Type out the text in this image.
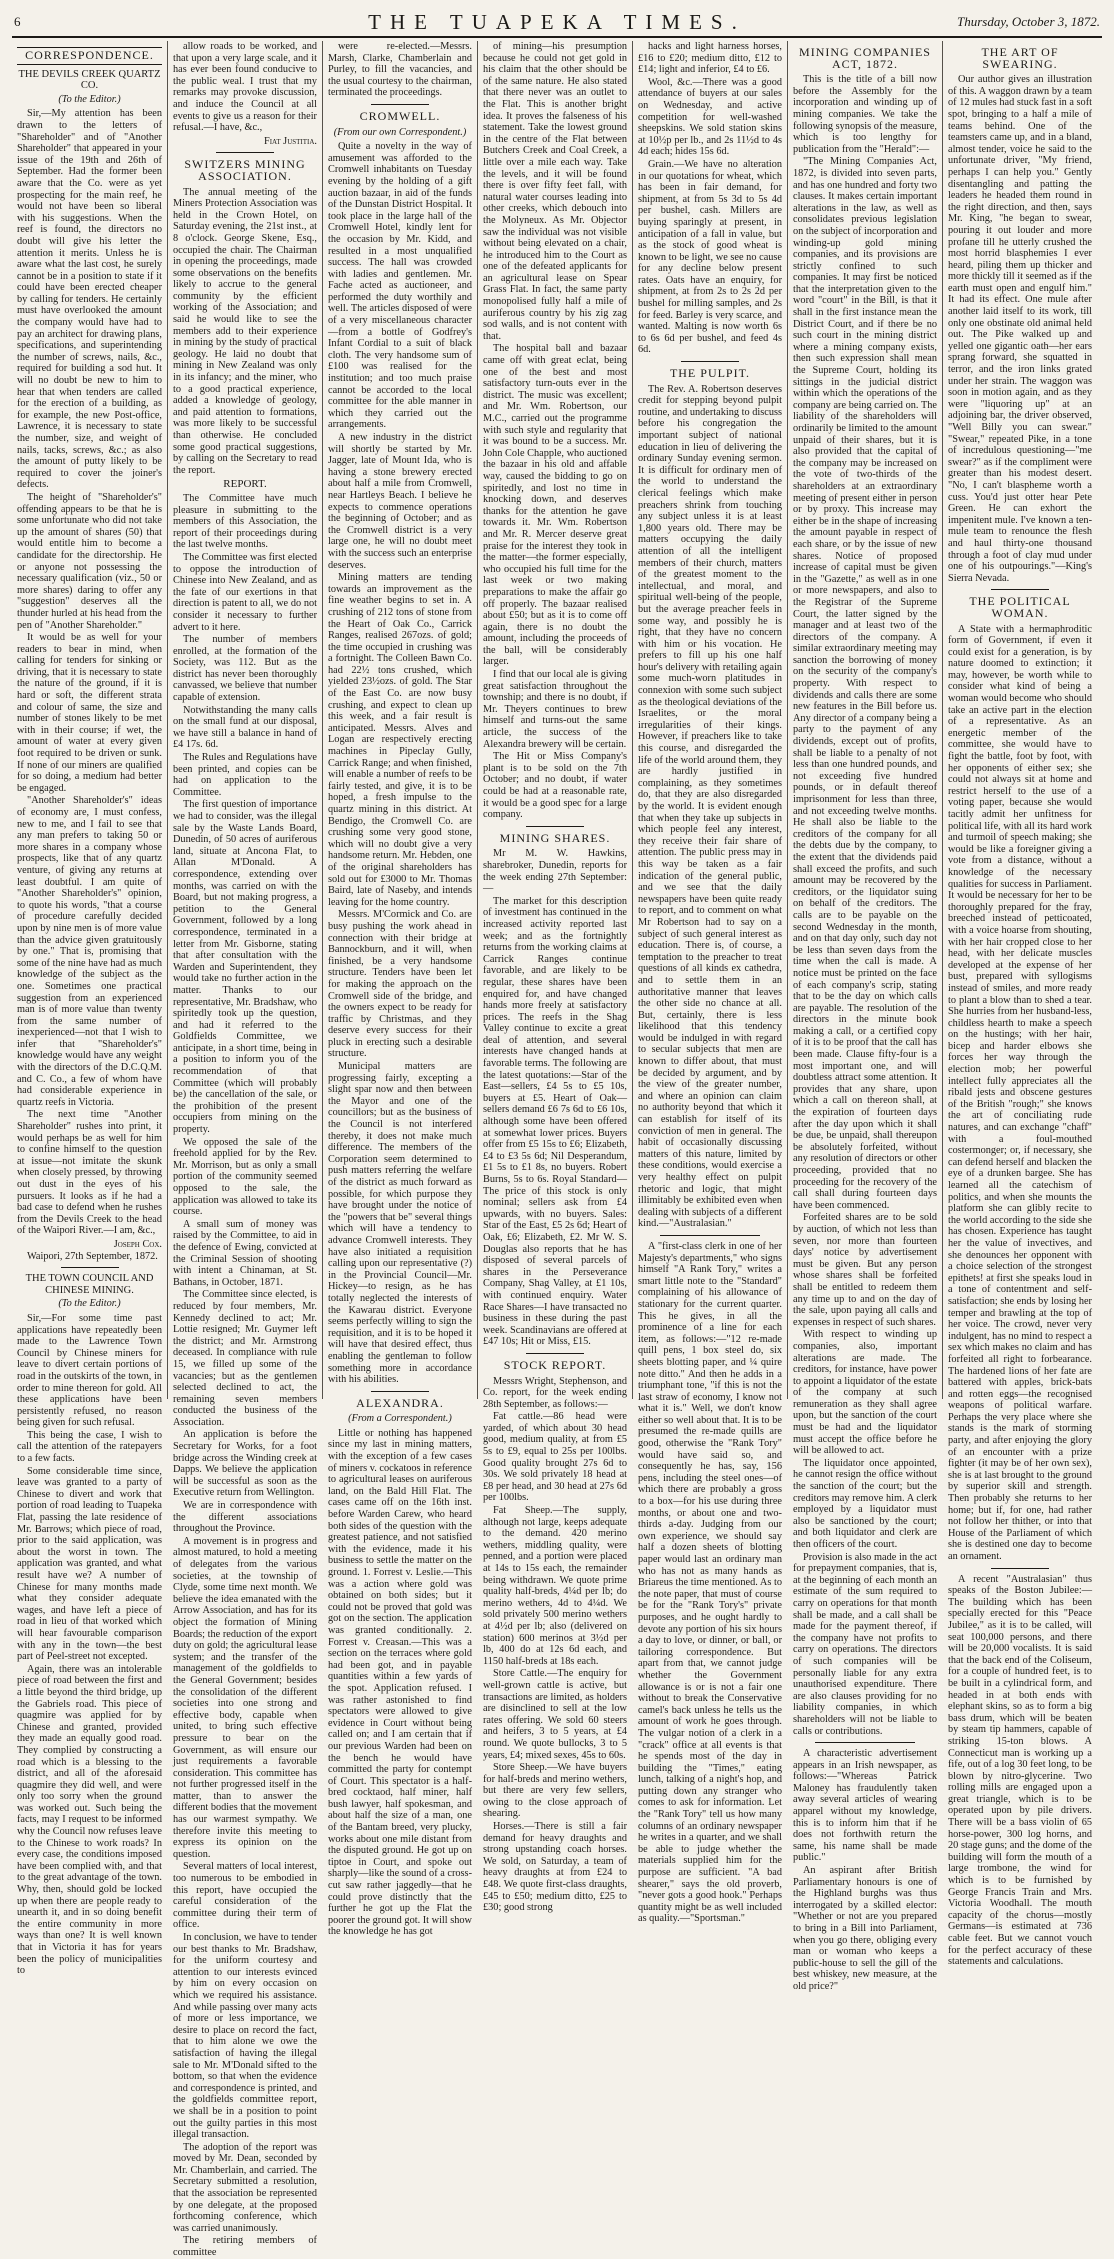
6	THE TUAPEKA TIMES.	Thursday, October 3, 1872.
CORRESPONDENCE.
THE DEVILS CREEK QUARTZ CO.
(To the Editor.)

Sir,—My attention has been drawn to the letters of "Shareholder" and of "Another Shareholder" that appeared in your issue of the 19th and 26th of September. Had the former been aware that the Co. were as yet prospecting for the main reef, he would not have been so liberal with his suggestions. When the reef is found, the directors no doubt will give his letter the attention it merits. Unless he is aware what the last cost, he surely cannot be in a position to state if it could have been erected cheaper by calling for tenders. He certainly must have overlooked the amount the company would have had to pay an architect for drawing plans, specifications, and superintending the number of screws, nails, &c., required for building a sod hut. It will no doubt be new to him to hear that when tenders are called for the erection of a building, as for example, the new Post-office, Lawrence, it is necessary to state the number, size, and weight of nails, tacks, screws, &c.; as also the amount of putty likely to be required to cover the joiner's defects.

The height of "Shareholder's" offending appears to be that he is some unfortunate who did not take up the amount of shares (50) that would entitle him to become a candidate for the directorship. He or anyone not possessing the necessary qualification (viz., 50 or more shares) daring to offer any "suggestion" deserves all the thunder hurled at his head from the pen of "Another Shareholder."

It would be as well for your readers to bear in mind, when calling for tenders for sinking or driving, that it is necessary to state the nature of the ground, if it is hard or soft, the different strata and colour of same, the size and number of stones likely to be met with in their course; if wet, the amount of water at every given foot required to be driven or sunk. If none of our miners are qualified for so doing, a medium had better be engaged.

"Another Shareholder's" ideas of economy are, I must confess, new to me, and I fail to see that any man prefers to taking 50 or more shares in a company whose prospects, like that of any quartz venture, of giving any returns at least doubtful. I am quite of "Another Shareholder's" opinion, to quote his words, "that a course of procedure carefully decided upon by nine men is of more value than the advice given gratuitously by one." That is, promising that some of the nine have had as much knowledge of the subject as the one. Sometimes one practical suggestion from an experienced man is of more value than twenty from the same number of inexperienced—not that I wish to infer that "Shareholder's" knowledge would have any weight with the directors of the D.C.Q.M. and C. Co., a few of whom have had considerable experience in quartz reefs in Victoria.

The next time "Another Shareholder" rushes into print, it would perhaps be as well for him to confine himself to the question at issue—not imitate the skunk when closely pressed, by throwing out dust in the eyes of his pursuers. It looks as if he had a bad case to defend when he rushes from the Devils Creek to the head of the Waipori River.—I am, &c.,

Joseph Cox.

Waipori, 27th September, 1872.

THE TOWN COUNCIL AND CHINESE MINING.
(To the Editor.)

Sir,—For some time past applications have repeatedly been made to the Lawrence Town Council by Chinese miners for leave to divert certain portions of road in the outskirts of the town, in order to mine thereon for gold. All these applications have been persistently refused, no reason being given for such refusal.

This being the case, I wish to call the attention of the ratepayers to a few facts.

Some considerable time since, leave was granted to a party of Chinese to divert and work that portion of road leading to Tuapeka Flat, passing the late residence of Mr. Barrows; which piece of road, prior to the said application, was about the worst in town. The application was granted, and what result have we? A number of Chinese for many months made what they consider adequate wages, and have left a piece of road in lieu of that worked which will hear favourable comparison with any in the town—the best part of Peel-street not excepted.

Again, there was an intolerable piece of road between the first and a little beyond the third bridge, up the Gabriels road. This piece of quagmire was applied for by Chinese and granted, provided they made an equally good road. They complied by constructing a road which is a blessing to the district, and all of the aforesaid quagmire they did well, and were only too sorry when the ground was worked out. Such being the facts, may I request to be informed why the Council now refuses leave to the Chinese to work roads? In every case, the conditions imposed have been complied with, and that to the great advantage of the town. Why, then, should gold be locked up when there are people ready to unearth it, and in so doing benefit the entire community in more ways than one? It is well known that in Victoria it has for years been the policy of municipalities to

allow roads to be worked, and that upon a very large scale, and it has ever been found conducive to the public weal. I trust that my remarks may provoke discussion, and induce the Council at all events to give us a reason for their refusal.—I have, &c.,

Fiat Justitia.
SWITZERS MINING ASSOCIATION.

The annual meeting of the Miners Protection Association was held in the Crown Hotel, on Saturday evening, the 21st inst., at 8 o'clock. George Skene, Esq., occupied the chair. The Chairman in opening the proceedings, made some observations on the benefits likely to accrue to the general community by the efficient working of the Association; and said he would like to see the members add to their experience in mining by the study of practical geology. He laid no doubt that mining in New Zealand was only in its infancy; and the miner, who to a good practical experience, added a knowledge of geology, and paid attention to formations, was more likely to be successful than otherwise. He concluded some good practical suggestions, by calling on the Secretary to read the report.

REPORT.

The Committee have much pleasure in submitting to the members of this Association, the report of their proceedings during the last twelve months.

The Committee was first elected to oppose the introduction of Chinese into New Zealand, and as the fate of our exertions in that direction is patent to all, we do not consider it necessary to further advert to it here.

The number of members enrolled, at the formation of the Society, was 112. But as the district has never been thoroughly canvassed, we believe that number capable of extension.

Notwithstanding the many calls on the small fund at our disposal, we have still a balance in hand of £4 17s. 6d.

The Rules and Regulations have been printed, and copies can be had on application to the Committee.

The first question of importance we had to consider, was the illegal sale by the Waste Lands Board, Dunedin, of 50 acres of auriferous land, situate at Ancona Flat, to Allan M'Donald. A correspondence, extending over months, was carried on with the Board, but not making progress, a petition to the General Government, followed by a long correspondence, terminated in a letter from Mr. Gisborne, stating that after consultation with the Warden and Superintendent, they would take no further action in the matter. Thanks to our representative, Mr. Bradshaw, who spiritedly took up the question, and had it referred to the Goldfields Committee, we anticipate, in a short time, being in a position to inform you of the recommendation of that Committee (which will probably be) the cancellation of the sale, or the prohibition of the present occupiers from mining on the property.

We opposed the sale of the freehold applied for by the Rev. Mr. Morrison, but as only a small portion of the community seemed opposed to the sale, the application was allowed to take its course.

A small sum of money was raised by the Committee, to aid in the defence of Ewing, convicted at the Criminal Session of shooting with intent a Chinaman, at St. Bathans, in October, 1871.

The Committee since elected, is reduced by four members, Mr. Kennedy declined to act; Mr. Lottie resigned; Mr. Guymer left the district; and Mr. Armstrong deceased. In compliance with rule 15, we filled up some of the vacancies; but as the gentlemen selected declined to act, the remaining seven members conducted the business of the Association.

An application is before the Secretary for Works, for a foot bridge across the Winding creek at Dapps. We believe the application will be successful as soon as the Executive return from Wellington.

We are in correspondence with the different associations throughout the Province.

A movement is in progress and almost matured, to hold a meeting of delegates from the various societies, at the township of Clyde, some time next month. We believe the idea emanated with the Arrow Association, and has for its object the formation of Mining Boards; the reduction of the export duty on gold; the agricultural lease system; and the transfer of the management of the goldfields to the General Government; besides the consolidation of the different societies into one strong and effective body, capable when united, to bring such effective pressure to bear on the Government, as will ensure our just requirements a favorable consideration. This committee has not further progressed itself in the matter, than to answer the different bodies that the movement has our warmest sympathy. We therefore invite this meeting to express its opinion on the question.

Several matters of local interest, too numerous to be embodied in this report, have occupied the careful consideration of the committee during their term of office.

In conclusion, we have to tender our best thanks to Mr. Bradshaw, for the uniform courtesy and attention to our interests evinced by him on every occasion on which we required his assistance. And while passing over many acts of more or less importance, we desire to place on record the fact, that to him alone we owe the satisfaction of having the illegal sale to Mr. M'Donald sifted to the bottom, so that when the evidence and correspondence is printed, and the goldfields committee report, we shall be in a position to point out the guilty parties in this most illegal transaction.

The adoption of the report was moved by Mr. Dean, seconded by Mr. Chamberlain, and carried. The Secretary submitted a resolution, that the association be represented by one delegate, at the proposed forthcoming conference, which was carried unanimously.

The retiring members of committee

were re-elected.—Messrs. Marsh, Clarke, Chamberlain and Purley, to fill the vacancies, and the usual courtesy to the chairman, terminated the proceedings.

CROMWELL.
(From our own Correspondent.)

Quite a novelty in the way of amusement was afforded to the Cromwell inhabitants on Tuesday evening by the holding of a gift auction bazaar, in aid of the funds of the Dunstan District Hospital. It took place in the large hall of the Cromwell Hotel, kindly lent for the occasion by Mr. Kidd, and resulted in a most unqualified success. The hall was crowded with ladies and gentlemen. Mr. Fache acted as auctioneer, and performed the duty worthily and well. The articles disposed of were of a very miscellaneous character—from a bottle of Godfrey's Infant Cordial to a suit of black cloth. The very handsome sum of £100 was realised for the institution; and too much praise cannot be accorded to the local committee for the able manner in which they carried out the arrangements.

A new industry in the district will shortly be started by Mr. Jagger, late of Mount Ida, who is having a stone brewery erected about half a mile from Cromwell, near Hartleys Beach. I believe he expects to commence operations the beginning of October; and as the Cromwell district is a very large one, he will no doubt meet with the success such an enterprise deserves.

Mining matters are tending towards an improvement as the fine weather begins to set in. A crushing of 212 tons of stone from the Heart of Oak Co., Carrick Ranges, realised 267ozs. of gold; the time occupied in crushing was a fortnight. The Colleen Bawn Co. had 22½ tons crushed, which yielded 23½ozs. of gold. The Star of the East Co. are now busy crushing, and expect to clean up this week, and a fair result is anticipated. Messrs. Alves and Logan are respectively erecting machines in Pipeclay Gully, Carrick Range; and when finished, will enable a number of reefs to be fairly tested, and give, it is to be hoped, a fresh impulse to the quartz mining in this district. At Bendigo, the Cromwell Co. are crushing some very good stone, which will no doubt give a very handsome return. Mr. Hebden, one of the original shareholders has sold out for £3000 to Mr. Thomas Baird, late of Naseby, and intends leaving for the home country.

Messrs. M'Cormick and Co. are busy pushing the work ahead in connection with their bridge at Bannockburn, and it will, when finished, be a very handsome structure. Tenders have been let for making the approach on the Cromwell side of the bridge, and the owners expect to be ready for traffic by Christmas, and they deserve every success for their pluck in erecting such a desirable structure.

Municipal matters are progressing fairly, excepting a slight spar now and then between the Mayor and one of the councillors; but as the business of the Council is not interfered thereby, it does not make much difference. The members of the Corporation seem determined to push matters referring the welfare of the district as much forward as possible, for which purpose they have brought under the notice of the "powers that be" several things which will have a tendency to advance Cromwell interests. They have also initiated a requisition calling upon our representative (?) in the Provincial Council—Mr. Hickey—to resign, as he has totally neglected the interests of the Kawarau district. Everyone seems perfectly willing to sign the requisition, and it is to be hoped it will have that desired effect, thus enabling the gentleman to follow something more in accordance with his abilities.

ALEXANDRA.
(From a Correspondent.)

Little or nothing has happened since my last in mining matters, with the exception of a few cases of miners v. cockatoos in reference to agricultural leases on auriferous land, on the Bald Hill Flat. The cases came off on the 16th inst. before Warden Carew, who heard both sides of the question with the greatest patience, and not satisfied with the evidence, made it his business to settle the matter on the ground. 1. Forrest v. Leslie.—This was a action where gold was obtained on both sides; but it could not be proved that gold was got on the section. The application was granted conditionally. 2. Forrest v. Creasan.—This was a section on the terraces where gold had been got, and in payable quantities within a few yards of the spot. Application refused. I was rather astonished to find spectators were allowed to give evidence in Court without being called on; and I am certain that if our previous Warden had been on the bench he would have committed the party for contempt of Court. This spectator is a half-bred cocktaod, half miner, half bush lawyer, half spokesman, and about half the size of a man, one of the Bantam breed, very plucky, works about one mile distant from the disputed ground. He got up on tiptoe in Court, and spoke out sharply—like the sound of a cross-cut saw rather jaggedly—that he could prove distinctly that the further he got up the Flat the poorer the ground got. It will show the knowledge he has got

of mining—his presumption because he could not get gold in his claim that the other should be of the same nature. He also stated that there never was an outlet to the Flat. This is another bright idea. It proves the falseness of his statement. Take the lowest ground in the centre of the Flat between Butchers Creek and Coal Creek, a little over a mile each way. Take the levels, and it will be found there is over fifty feet fall, with natural water courses leading into other creeks, which debouch into the Molyneux. As Mr. Objector saw the individual was not visible without being elevated on a chair, he introduced him to the Court as one of the defeated applicants for an agricultural lease on Spear Grass Flat. In fact, the same party monopolised fully half a mile of auriferous country by his zig zag sod walls, and is not content with that.

The hospital ball and bazaar came off with great eclat, being one of the best and most satisfactory turn-outs ever in the district. The music was excellent; and Mr. Wm. Robertson, our M.C., carried out the programme with such style and regularity that it was bound to be a success. Mr. John Cole Chapple, who auctioned the bazaar in his old and affable way, caused the bidding to go on spiritedly, and lost no time in knocking down, and deserves thanks for the attention he gave towards it. Mr. Wm. Robertson and Mr. R. Mercer deserve great praise for the interest they took in the matter—the former especially, who occupied his full time for the last week or two making preparations to make the affair go off properly. The bazaar realised about £50; but as it is to come off again, there is no doubt the amount, including the proceeds of the ball, will be considerably larger.

I find that our local ale is giving great satisfaction throughout the township; and there is no doubt, if Mr. Theyers continues to brew himself and turns-out the same article, the success of the Alexandra brewery will be certain.

The Hit or Miss Company's plant is to be sold on the 7th October; and no doubt, if water could be had at a reasonable rate, it would be a good spec for a large company.

MINING SHARES.

Mr M. W. Hawkins, sharebroker, Dunedin, reports for the week ending 27th September:—

The market for this description of investment has continued in the increased activity reported last week; and as the fortnightly returns from the working claims at Carrick Ranges continue favorable, and are likely to be regular, these shares have been enquired for, and have changed hands more freely at satisfactory prices. The reefs in the Shag Valley continue to excite a great deal of attention, and several interests have changed hands at favorable terms. The following are the latest quotations:—Star of the East—sellers, £4 5s to £5 10s, buyers at £5. Heart of Oak—sellers demand £6 7s 6d to £6 10s, although some have been offered at somewhat lower prices. Buyers offer from £5 15s to £6; Elizabeth, £4 to £3 5s 6d; Nil Desperandum, £1 5s to £1 8s, no buyers. Robert Burns, 5s to 6s. Royal Standard—The price of this stock is only nominal; sellers ask from £4 upwards, with no buyers. Sales: Star of the East, £5 2s 6d; Heart of Oak, £6; Elizabeth, £2. Mr W. S. Douglas also reports that he has disposed of several parcels of shares in the Perseverance Company, Shag Valley, at £1 10s, with continued enquiry. Water Race Shares—I have transacted no business in these during the past week. Scandinavians are offered at £47 10s; Hit or Miss, £15.

STOCK REPORT.

Messrs Wright, Stephenson, and Co. report, for the week ending 28th September, as follows:—

Fat cattle.—86 head were yarded, of which about 30 head good, medium quality, at from £5 5s to £9, equal to 25s per 100lbs. Good quality brought 27s 6d to 30s. We sold privately 18 head at £8 per head, and 30 head at 27s 6d per 100lbs.

Fat Sheep.—The supply, although not large, keeps adequate to the demand. 420 merino wethers, middling quality, were penned, and a portion were placed at 14s to 15s each, the remainder being withdrawn. We quote prime quality half-breds, 4¼d per lb; do merino wethers, 4d to 4¼d. We sold privately 500 merino wethers at 4½d per lb; also (delivered on station) 600 merinos at 3½d per lb, 400 do at 12s 6d each, and 1150 half-breds at 18s each.

Store Cattle.—The enquiry for well-grown cattle is active, but transactions are limited, as holders are disinclined to sell at the low rates offering. We sold 60 steers and heifers, 3 to 5 years, at £4 round. We quote bullocks, 3 to 5 years, £4; mixed sexes, 45s to 60s.

Store Sheep.—We have buyers for half-breds and merino wethers, but there are very few sellers, owing to the close approach of shearing.

Horses.—There is still a fair demand for heavy draughts and strong upstanding coach horses. We sold, on Saturday, a team of heavy draughts at from £24 to £48. We quote first-class draughts, £45 to £50; medium ditto, £25 to £30; good strong

hacks and light harness horses, £16 to £20; medium ditto, £12 to £14; light and inferior, £4 to £6.

Wool, &c.—There was a good attendance of buyers at our sales on Wednesday, and active competition for well-washed sheepskins. We sold station skins at 10½p per lb., and 2s 11½d to 4s 4d each; hides 15s 6d.

Grain.—We have no alteration in our quotations for wheat, which has been in fair demand, for shipment, at from 5s 3d to 5s 4d per bushel, cash. Millers are buying sparingly at present, in anticipation of a fall in value, but as the stock of good wheat is known to be light, we see no cause for any decline below present rates. Oats have an enquiry, for shipment, at from 2s to 2s 2d per bushel for milling samples, and 2s for feed. Barley is very scarce, and wanted. Malting is now worth 6s to 6s 6d per bushel, and feed 4s 6d.

THE PULPIT.

The Rev. A. Robertson deserves credit for stepping beyond pulpit routine, and undertaking to discuss before his congregation the important subject of national education in lieu of delivering the ordinary Sunday evening sermon. It is difficult for ordinary men of the world to understand the clerical feelings which make preachers shrink from touching any subject unless it is at least 1,800 years old. There may be matters occupying the daily attention of all the intelligent members of their church, matters of the greatest moment to the intellectual, and moral, and spiritual well-being of the people, but the average preacher feels in some way, and possibly he is right, that they have no concern with him or his vocation. He prefers to fill up his one half hour's delivery with retailing again some much-worn platitudes in connexion with some such subject as the theological deviations of the Israelites, or the moral irregularities of their kings. However, if preachers like to take this course, and disregarded the life of the world around them, they are hardly justified in complaining, as they sometimes do, that they are also disregarded by the world. It is evident enough that when they take up subjects in which people feel any interest, they receive their fair share of attention. The public press may in this way be taken as a fair indication of the general public, and we see that the daily newspapers have been quite ready to report, and to comment on what Mr Robertson had to say on a subject of such general interest as education. There is, of course, a temptation to the preacher to treat questions of all kinds ex cathedra, and to settle them in an authoritative manner that leaves the other side no chance at all. But, certainly, there is less likelihood that this tendency would be indulged in with regard to secular subjects that men are known to differ about, that must be decided by argument, and by the view of the greater number, and where an opinion can claim no authority beyond that which it can establish for itself of its conviction of men in general. The habit of occasionally discussing matters of this nature, limited by these conditions, would exercise a very healthy effect on pulpit rhetoric and logic, that might illimitably be exhibited even when dealing with subjects of a different kind.—"Australasian."

A "first-class clerk in one of her Majesty's departments," who signs himself "A Rank Tory," writes a smart little note to the "Standard" complaining of his allowance of stationary for the current quarter. This he gives, in all the prominence of a line for each item, as follows:—"12 re-made quill pens, 1 box steel do, six sheets blotting paper, and ¼ quire note ditto." And then he adds in a triumphant tone, "if this is not the last straw of economy, I know not what it is." Well, we don't know either so well about that. It is to be presumed the re-made quills are good, otherwise the "Rank Tory" would have said so, and consequently he has, say, 156 pens, including the steel ones—of which there are probably a gross to a box—for his use during three months, or about one and two-thirds a-day. Judging from our own experience, we should say half a dozen sheets of blotting paper would last an ordinary man who has not as many hands as Briareus the time mentioned. As to the note paper, that must of course be for the "Rank Tory's" private purposes, and he ought hardly to devote any portion of his six hours a day to love, or dinner, or ball, or tailoring correspondence. But apart from that, we cannot judge whether the Government allowance is or is not a fair one without to break the Conservative camel's back unless he tells us the amount of work he goes through. The vulgar notion of a clerk in a "crack" office at all events is that he spends most of the day in building the "Times," eating lunch, talking of a night's hop, and putting down any stranger who comes to ask for information. Let the "Rank Tory" tell us how many columns of an ordinary newspaper he writes in a quarter, and we shall be able to judge whether the materials supplied him for the purpose are sufficient. "A bad shearer," says the old proverb, "never gots a good hook." Perhaps quantity might be as well included as quality.—"Sportsman."

MINING COMPANIES ACT, 1872.

This is the title of a bill now before the Assembly for the incorporation and winding up of mining companies. We take the following synopsis of the measure, which is too lengthy for publication from the "Herald":—

"The Mining Companies Act, 1872, is divided into seven parts, and has one hundred and forty two clauses. It makes certain important alterations in the law, as well as consolidates previous legislation on the subject of incorporation and winding-up gold mining companies, and its provisions are strictly confined to such companies. It may first be noticed that the interpretation given to the word "court" in the Bill, is that it shall in the first instance mean the District Court, and if there be no such court in the mining district where a mining company exists, then such expression shall mean the Supreme Court, holding its sittings in the judicial district within which the operations of the company are being carried on. The liability of the shareholders will ordinarily be limited to the amount unpaid of their shares, but it is also provided that the capital of the company may be increased on the vote of two-thirds of the shareholders at an extraordinary meeting of present either in person or by proxy. This increase may either be in the shape of increasing the amount payable in respect of each share, or by the issue of new shares. Notice of proposed increase of capital must be given in the "Gazette," as well as in one or more newspapers, and also to the Registrar of the Supreme Court, the latter signed by the manager and at least two of the directors of the company. A similar extraordinary meeting may sanction the borrowing of money on the security of the company's property. With respect to dividends and calls there are some new features in the Bill before us. Any director of a company being a party to the payment of any dividends, except out of profits, shall be liable to a penalty of not less than one hundred pounds, and not exceeding five hundred pounds, or in default thereof imprisonment for less than three, and not exceeding twelve months. He shall also be liable to the creditors of the company for all the debts due by the company, to the extent that the dividends paid shall exceed the profits, and such amount may be recovered by the creditors, or the liquidator suing on behalf of the creditors. The calls are to be payable on the second Wednesday in the month, and on that day only, such day not be less than seven days from the time when the call is made. A notice must be printed on the face of each company's scrip, stating that to be the day on which calls are payable. The resolution of the directors in the minute book making a call, or a certified copy of it is to be proof that the call has been made. Clause fifty-four is a most important one, and will doubtless attract some attention. It provides that any share, upon which a call on thereon shall, at the expiration of fourteen days after the day upon which it shall be due, be unpaid, shall thereupon be absolutely forfeited, without any resolution of directors or other proceeding, provided that no proceeding for the recovery of the call shall during fourteen days have been commenced.

Forfeited shares are to be sold by auction, of which not less than seven, nor more than fourteen days' notice by advertisement must be given. But any person whose shares shall be forfeited shall be entitled to redeem them any time up to and on the day of the sale, upon paying all calls and expenses in respect of such shares.

With respect to winding up companies, also, important alterations are made. The creditors, for instance, have power to appoint a liquidator of the estate of the company at such remuneration as they shall agree upon, but the sanction of the court must be had and the liquidator must accept the office before he will be allowed to act.

The liquidator once appointed, he cannot resign the office without the sanction of the court; but the creditors may remove him. A clerk employed by a liquidator must also be sanctioned by the court; and both liquidator and clerk are then officers of the court.

Provision is also made in the act for prepayment companies, that is, at the beginning of each month an estimate of the sum required to carry on operations for that month shall be made, and a call shall be made for the payment thereof, if the company have not profits to carry on operations. The directors of such companies will be personally liable for any extra unauthorised expenditure. There are also clauses providing for no liability companies, in which shareholders will not be liable to calls or contributions.

A characteristic advertisement appears in an Irish newspaper, as follows:—"Whereas Patrick Maloney has fraudulently taken away several articles of wearing apparel without my knowledge, this is to inform him that if he does not forthwith return the same, his name shall be made public."

An aspirant after British Parliamentary honours is one of the Highland burghs was thus interrogated by a skilled elector: "Whether or not are you prepared to bring in a Bill into Parliament, when you go there, obliging every man or woman who keeps a public-house to sell the gill of the best whiskey, new measure, at the old price?"

THE ART OF SWEARING.

Our author gives an illustration of this. A waggon drawn by a team of 12 mules had stuck fast in a soft spot, bringing to a half a mile of teams behind. One of the teamsters came up, and in a bland, almost tender, voice he said to the unfortunate driver, "My friend, perhaps I can help you." Gently disentangling and patting the leaders he headed them round in the right direction, and then, says Mr. King, "he began to swear, pouring it out louder and more profane till he utterly crushed the most horrid blasphemies I ever heard, piling them up thicker and more thickly till it seemed as if the earth must open and engulf him." It had its effect. One mule after another laid itself to its work, till only one obstinate old animal held out. The Pike walked up and yelled one gigantic oath—her ears sprang forward, she squatted in terror, and the iron links grated under her strain. The waggon was soon in motion again, and as they were "liquoring up" at an adjoining bar, the driver observed, "Well Billy you can swear." "Swear," repeated Pike, in a tone of incredulous questioning—"me swear?" as if the compliment were greater than his modest desert. "No, I can't blaspheme worth a cuss. You'd just otter hear Pete Green. He can exhort the impenitent mule. I've known a ten-mule team to renounce the flesh and haul thirty-one thousand through a foot of clay mud under one of his outpourings."—King's Sierra Nevada.

THE POLITICAL WOMAN.

A State with a hermaphroditic form of Government, if even it could exist for a generation, is by nature doomed to extinction; it may, however, be worth while to consider what kind of being a woman would become who should take an active part in the election of a representative. As an energetic member of the committee, she would have to fight the battle, foot by foot, with her opponents of either sex; she could not always sit at home and restrict herself to the use of a voting paper, because she would tacitly admit her unfitness for political life, with all its hard work and turmoil of speech making; she would be like a foreigner giving a vote from a distance, without a knowledge of the necessary qualities for success in Parliament. It would be necessary for her to be thoroughly prepared for the fray, breeched instead of petticoated, with a voice hoarse from shouting, with her hair cropped close to her head, with her delicate muscles developed at the expense of her bust, prepared with syllogisms instead of smiles, and more ready to plant a blow than to shed a tear. She hurries from her husband-less, childless hearth to make a speech on the hustings; with her hair, bicep and harder elbows she forces her way through the election mob; her powerful intellect fully appreciates all the ribald jests and obscene gestures of the British "rough;" she knows the art of conciliating rude natures, and can exchange "chaff" with a foul-mouthed costermonger; or, if necessary, she can defend herself and blacken the eye of a drunken bargee. She has learned all the catechism of politics, and when she mounts the platform she can glibly recite to the world according to the side she has chosen. Experience has taught her the value of invectives, and she denounces her opponent with a choice selection of the strongest epithets! at first she speaks loud in a tone of contentment and self-satisfaction; she ends by losing her temper and brawling at the top of her voice. The crowd, never very indulgent, has no mind to respect a sex which makes no claim and has forfeited all right to forbearance. The hardened lions of her fate are battered with apples, brick-bats and rotten eggs—the recognised weapons of political warfare. Perhaps the very place where she stands is the mark of storming party, and after enjoying the glory of an encounter with a prize fighter (it may be of her own sex), she is at last brought to the ground by superior skill and strength. Then probably she returns to her home; but if, for one, had rather not follow her thither, or into that House of the Parliament of which she is destined one day to become an ornament.

A recent "Australasian" thus speaks of the Boston Jubilee:—The building which has been specially erected for this "Peace Jubilee," as it is to be called, will seat 100,000 persons, and there will be 20,000 vocalists. It is said that the back end of the Coliseum, for a couple of hundred feet, is to be built in a cylindrical form, and headed in at both ends with elephant skins, so as to form a big bass drum, which will be beaten by steam tip hammers, capable of striking 15-ton blows. A Connecticut man is working up a fife, out of a log 30 feet long, to be blown by nitro-glycerine. Two rolling mills are engaged upon a great triangle, which is to be operated upon by pile drivers. There will be a bass violin of 65 horse-power, 300 log horns, and 20 stage guns; and the dome of the building will form the mouth of a large trombone, the wind for which is to be furnished by George Francis Train and Mrs. Victoria Woodhall. The mouth capacity of the chorus—mostly Germans—is estimated at 736 cable feet. But we cannot vouch for the perfect accuracy of these statements and calculations.
